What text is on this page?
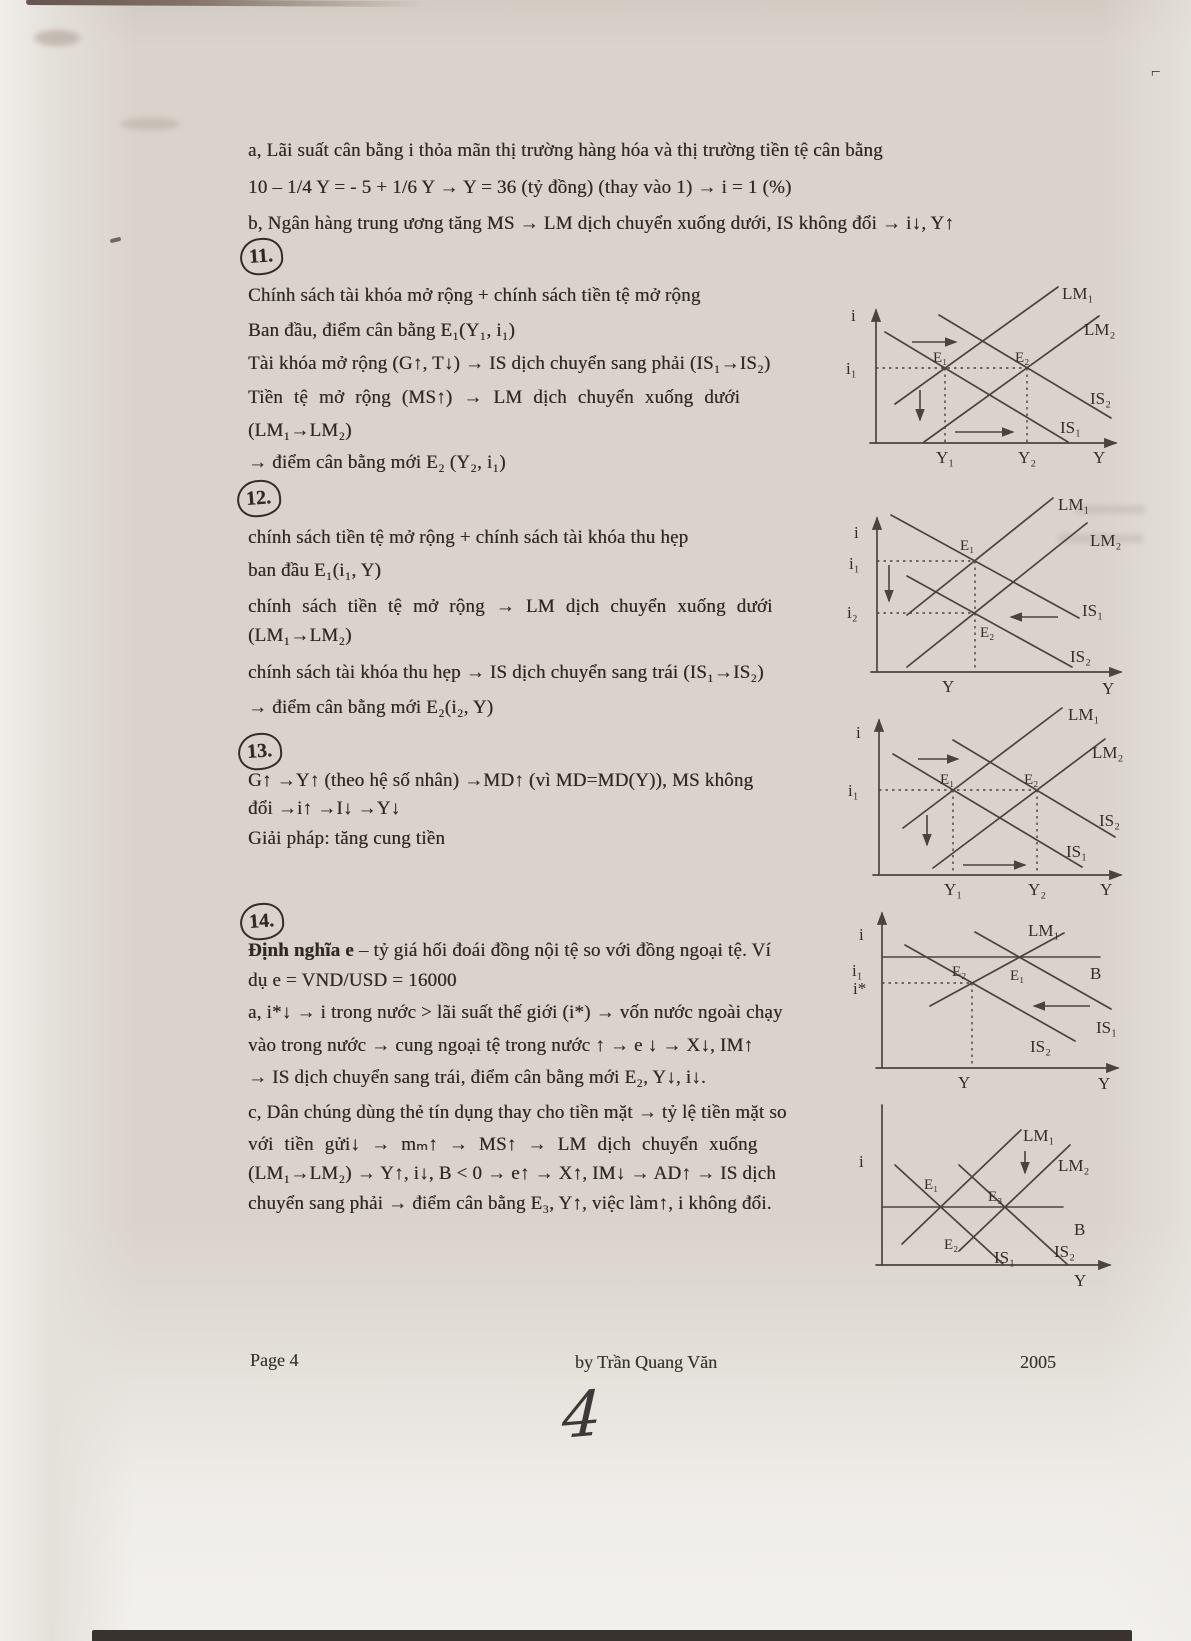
⌐
a, Lãi suất cân bằng i thỏa mãn thị trường hàng hóa và thị trường tiền tệ cân bằng
10 – 1/4 Y = - 5 + 1/6 Y → Y = 36 (tỷ đồng) (thay vào 1) → i = 1 (%)
b, Ngân hàng trung ương tăng MS → LM dịch chuyển xuống dưới, IS không đổi → i↓, Y↑
11.
Chính sách tài khóa mở rộng + chính sách tiền tệ mở rộng
Ban đầu, điểm cân bằng E₁(Y₁, i₁)
Tài khóa mở rộng (G↑, T↓) → IS dịch chuyển sang phải (IS₁→IS₂)
Tiền tệ mở rộng (MS↑) → LM dịch chuyển xuống dưới
(LM₁→LM₂)
→ điểm cân bằng mới E₂ (Y₂, i₁)
i
i₁
E₁	E₂
LM₁
LM₂
IS₂
IS₁
Y₁	Y₂	Y
12.
chính sách tiền tệ mở rộng + chính sách tài khóa thu hẹp
ban đầu E₁(i₁, Y)
chính sách tiền tệ mở rộng → LM dịch chuyển xuống dưới
(LM₁→LM₂)
chính sách tài khóa thu hẹp → IS dịch chuyển sang trái (IS₁→IS₂)
→ điểm cân bằng mới E₂(i₂, Y)
i
i₁
i₂
E₁
E₂
LM₁
LM₂
IS₁
IS₂
Y	Y
13.
G↑ →Y↑ (theo hệ số nhân) →MD↑ (vì MD=MD(Y)), MS không
đổi →i↑ →I↓ →Y↓
Giải pháp: tăng cung tiền
i
i₁
E₁	E₂
LM₁
LM₂
IS₂
IS₁
Y₁	Y₂	Y
14.
Định nghĩa e – tỷ giá hối đoái đồng nội tệ so với đồng ngoại tệ. Ví
dụ e = VND/USD = 16000
a, i*↓ → i trong nước > lãi suất thế giới (i*) → vốn nước ngoài chạy
vào trong nước → cung ngoại tệ trong nước ↑ → e ↓ → X↓, IM↑
→ IS dịch chuyển sang trái, điểm cân bằng mới E₂, Y↓, i↓.
c, Dân chúng dùng thẻ tín dụng thay cho tiền mặt → tỷ lệ tiền mặt so
với tiền gửi↓ → mₘ↑ → MS↑ → LM dịch chuyển xuống
(LM₁→LM₂) → Y↑, i↓, B < 0 → e↑ → X↑, IM↓ → AD↑ → IS dịch
chuyển sang phải → điểm cân bằng E₃, Y↑, việc làm↑, i không đổi.
i
i₁
i*
E₂	E₁
LM₁
B
IS₁
IS₂
Y	Y
i
LM₁
LM₂
E₁
E₃
E₂
B
IS₁ IS₂
Y
Page 4	by Trần Quang Văn	2005
4
